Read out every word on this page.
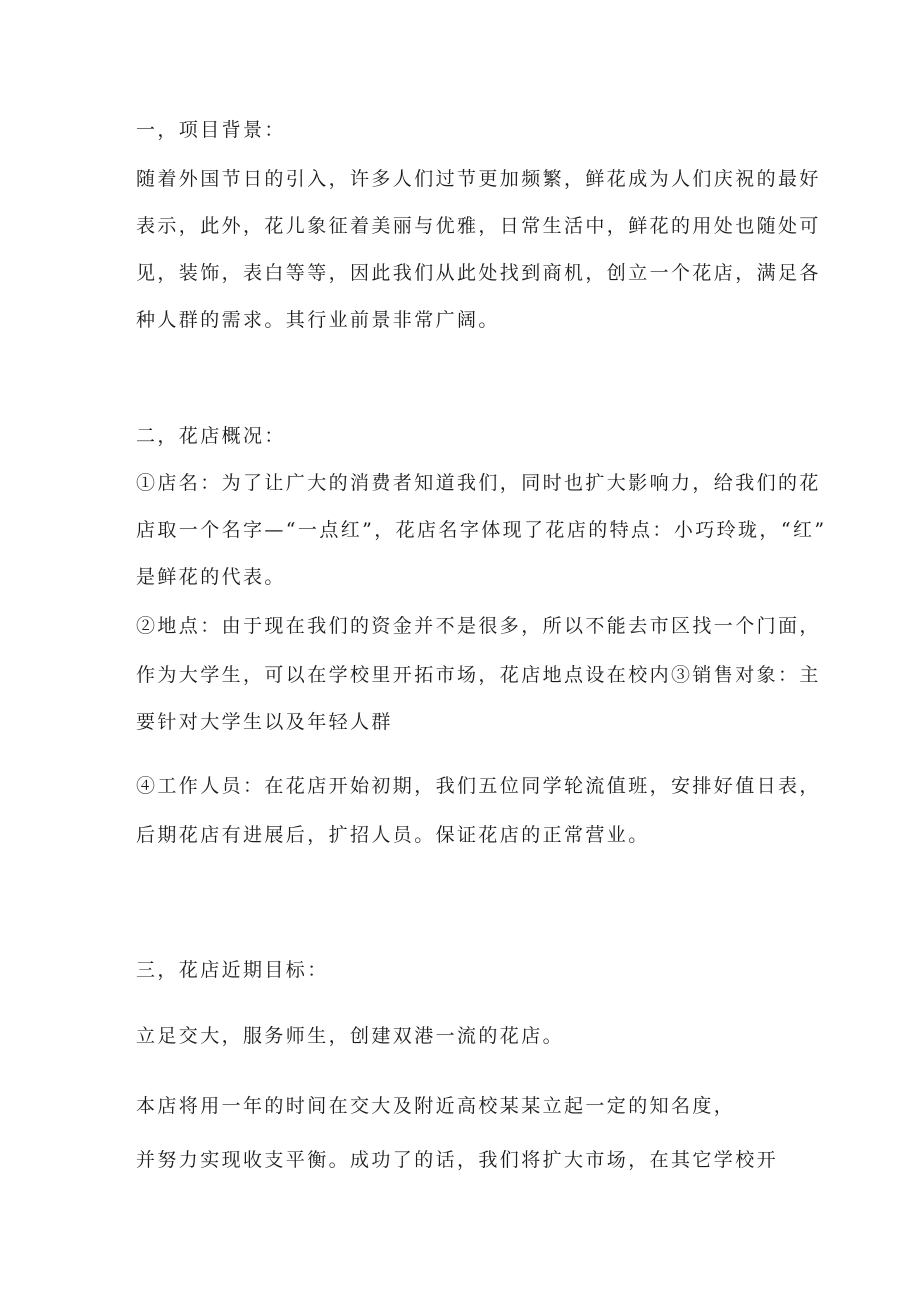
一，项目背景：
随着外国节日的引入，许多人们过节更加频繁，鲜花成为人们庆祝的最好
表示，此外，花儿象征着美丽与优雅，日常生活中，鲜花的用处也随处可
见，装饰，表白等等，因此我们从此处找到商机，创立一个花店，满足各
种人群的需求。其行业前景非常广阔。
二，花店概况：
①店名：为了让广大的消费者知道我们，同时也扩大影响力，给我们的花
店取一个名字—“一点红”，花店名字体现了花店的特点：小巧玲珑，“红”
是鲜花的代表。
②地点：由于现在我们的资金并不是很多，所以不能去市区找一个门面，
作为大学生，可以在学校里开拓市场，花店地点设在校内③销售对象：主
要针对大学生以及年轻人群
④工作人员：在花店开始初期，我们五位同学轮流值班，安排好值日表，
后期花店有进展后，扩招人员。保证花店的正常营业。
三，花店近期目标：
立足交大，服务师生，创建双港一流的花店。
本店将用一年的时间在交大及附近高校某某立起一定的知名度，
并努力实现收支平衡。成功了的话，我们将扩大市场，在其它学校开
